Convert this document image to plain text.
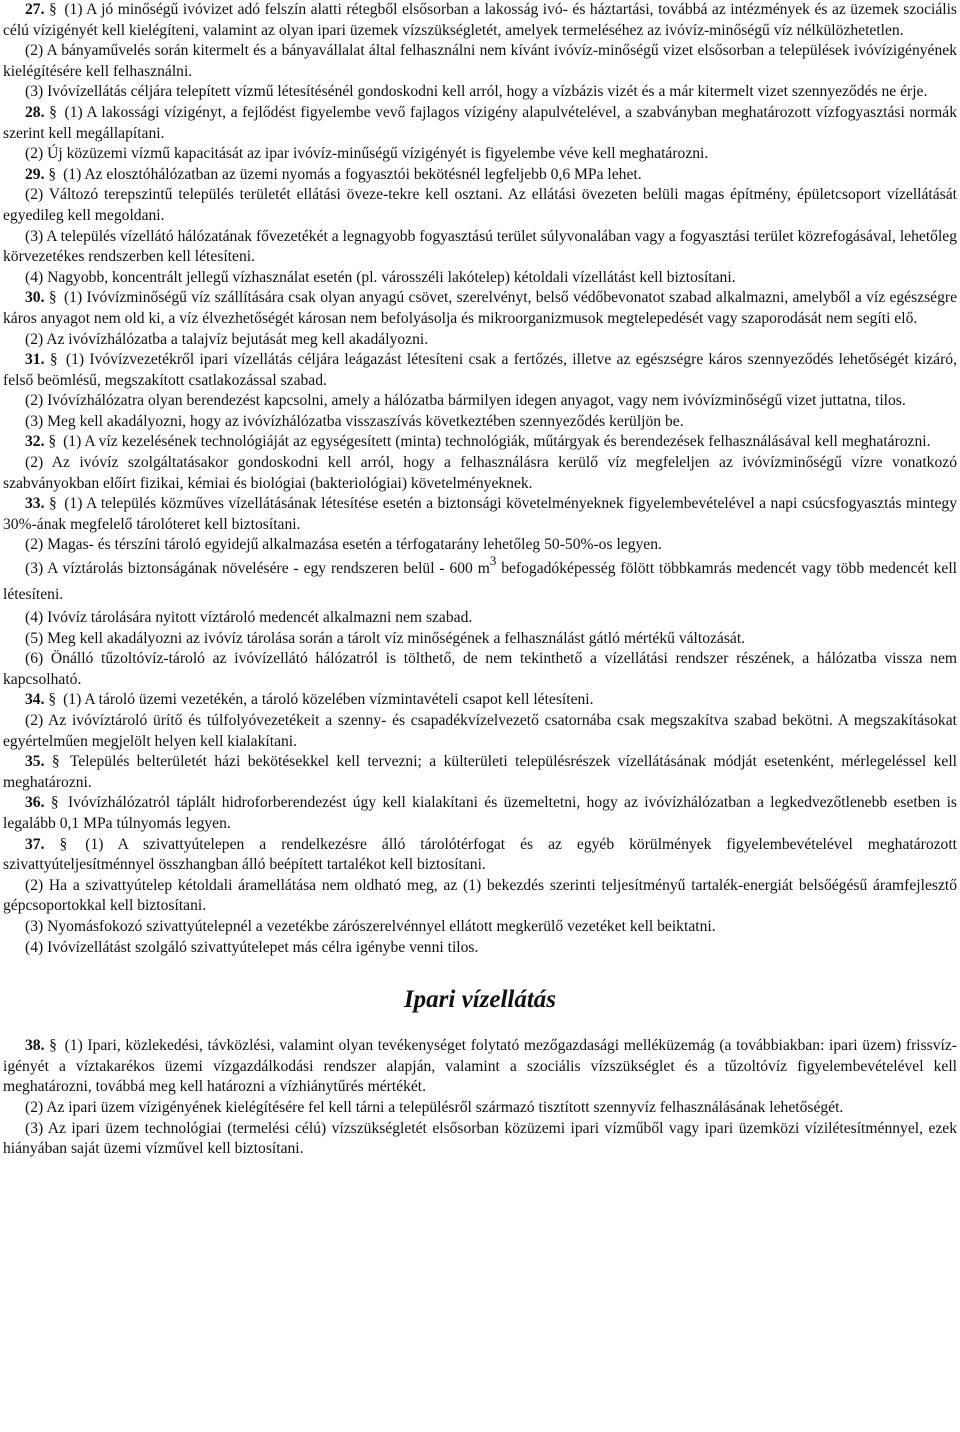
27. § (1) A jó minőségű ivóvizet adó felszín alatti rétegből elsősorban a lakosság ivó- és háztartási, továbbá az intézmények és az üzemek szociális célú vízigényét kell kielégíteni, valamint az olyan ipari üzemek vízszükségletét, amelyek termeléséhez az ivóvíz-minőségű víz nélkülözhetetlen.

(2) A bányaművelés során kitermelt és a bányavállalat által felhasználni nem kívánt ivóvíz-minőségű vizet elsősorban a települések ivóvízigényének kielégítésére kell felhasználni.

(3) Ivóvízellátás céljára telepített vízmű létesítésénél gondoskodni kell arról, hogy a vízbázis vizét és a már kitermelt vizet szennyeződés ne érje.

28. § (1) A lakossági vízigényt, a fejlődést figyelembe vevő fajlagos vízigény alapulvételével, a szabványban meghatározott vízfogyasztási normák szerint kell megállapítani.

(2) Új közüzemi vízmű kapacitását az ipar ivóvíz-minűségű vízigényét is figyelembe véve kell meghatározni.

29. § (1) Az elosztóhálózatban az üzemi nyomás a fogyasztói bekötésnél legfeljebb 0,6 MPa lehet.

(2) Változó terepszintű település területét ellátási öveze-tekre kell osztani. Az ellátási övezeten belüli magas építmény, épületcsoport vízellátását egyedileg kell megoldani.

(3) A település vízellátó hálózatának fővezetékét a legnagyobb fogyasztású terület súlyvonalában vagy a fogyasztási terület közrefogásával, lehetőleg körvezetékes rendszerben kell létesíteni.

(4) Nagyobb, koncentrált jellegű vízhasználat esetén (pl. városszéli lakótelep) kétoldali vízellátást kell biztosítani.

30. § (1) Ivóvízminőségű víz szállítására csak olyan anyagú csövet, szerelvényt, belső védőbevonatot szabad alkalmazni, amelyből a víz egészségre káros anyagot nem old ki, a víz élvezhetőségét károsan nem befolyásolja és mikroorganizmusok megtelepedését vagy szaporodását nem segíti elő.

(2) Az ivóvízhálózatba a talajvíz bejutását meg kell akadályozni.

31. § (1) Ivóvízvezetékről ipari vízellátás céljára leágazást létesíteni csak a fertőzés, illetve az egészségre káros szennyeződés lehetőségét kizáró, felső beömlésű, megszakított csatlakozással szabad.

(2) Ivóvízhálózatra olyan berendezést kapcsolni, amely a hálózatba bármilyen idegen anyagot, vagy nem ivóvízminőségű vizet juttatna, tilos.

(3) Meg kell akadályozni, hogy az ivóvízhálózatba visszaszívás következtében szennyeződés kerüljön be.

32. § (1) A víz kezelésének technológiáját az egységesített (minta) technológiák, műtárgyak és berendezések felhasználásával kell meghatározni.

(2) Az ivóvíz szolgáltatásakor gondoskodni kell arról, hogy a felhasználásra kerülő víz megfeleljen az ivóvízminőségű vízre vonatkozó szabványokban előírt fizikai, kémiai és biológiai (bakteriológiai) követelményeknek.

33. § (1) A település közműves vízellátásának létesítése esetén a biztonsági követelményeknek figyelembevételével a napi csúcsfogyasztás mintegy 30%-ának megfelelő tárolóteret kell biztosítani.

(2) Magas- és térszíni tároló egyidejű alkalmazása esetén a térfogatarány lehetőleg 50-50%-os legyen.

(3) A víztárolás biztonságának növelésére - egy rendszeren belül - 600 $m^3$ befogadóképesség fölött többkamrás medencét vagy több medencét kell létesíteni.

(4) Ivóvíz tárolására nyitott víztároló medencét alkalmazni nem szabad.

(5) Meg kell akadályozni az ivóvíz tárolása során a tárolt víz minőségének a felhasználást gátló mértékű változását.

(6) Önálló tűzoltóvíz-tároló az ivóvízellátó hálózatról is tölthető, de nem tekinthető a vízellátási rendszer részének, a hálózatba vissza nem kapcsolható.

34. § (1) A tároló üzemi vezetékén, a tároló közelében vízmintavételi csapot kell létesíteni.

(2) Az ivóvíztároló ürítő és túlfolyóvezetékeit a szenny- és csapadékvízelvezető csatornába csak megszakítva szabad bekötni. A megszakításokat egyértelműen megjelölt helyen kell kialakítani.

35. § Település belterületét házi bekötésekkel kell tervezni; a külterületi településrészek vízellátásának módját esetenként, mérlegeléssel kell meghatározni.

36. § Ivóvízhálózatról táplált hidroforberendezést úgy kell kialakítani és üzemeltetni, hogy az ivóvízhálózatban a legkedvezőtlenebb esetben is legalább 0,1 MPa túlnyomás legyen.

37. § (1) A szivattyútelepen a rendelkezésre álló tárolótérfogat és az egyéb körülmények figyelembevételével meghatározott szivattyúteljesítménnyel összhangban álló beépített tartalékot kell biztosítani.

(2) Ha a szivattyútelep kétoldali áramellátása nem oldható meg, az (1) bekezdés szerinti teljesítményű tartalék-energiát belsőégésű áramfejlesztő gépcsoportokkal kell biztosítani.

(3) Nyomásfokozó szivattyútelepnél a vezetékbe zárószerelvénnyel ellátott megkerülő vezetéket kell beiktatni.

(4) Ivóvízellátást szolgáló szivattyútelepet más célra igénybe venni tilos.

Ipari vízellátás

38. § (1) Ipari, közlekedési, távközlési, valamint olyan tevékenységet folytató mezőgazdasági melléküzemág (a továbbiakban: ipari üzem) frissvíz-igényét a víztakarékos üzemi vízgazdálkodási rendszer alapján, valamint a szociális vízszükséglet és a tűzoltóvíz figyelembevételével kell meghatározni, továbbá meg kell határozni a vízhiánytűrés mértékét.

(2) Az ipari üzem vízigényének kielégítésére fel kell tárni a településről származó tisztított szennyvíz felhasználásának lehetőségét.

(3) Az ipari üzem technológiai (termelési célú) vízszükségletét elsősorban közüzemi ipari vízműből vagy ipari üzemközi vízilétesítménnyel, ezek hiányában saját üzemi vízművel kell biztosítani.
